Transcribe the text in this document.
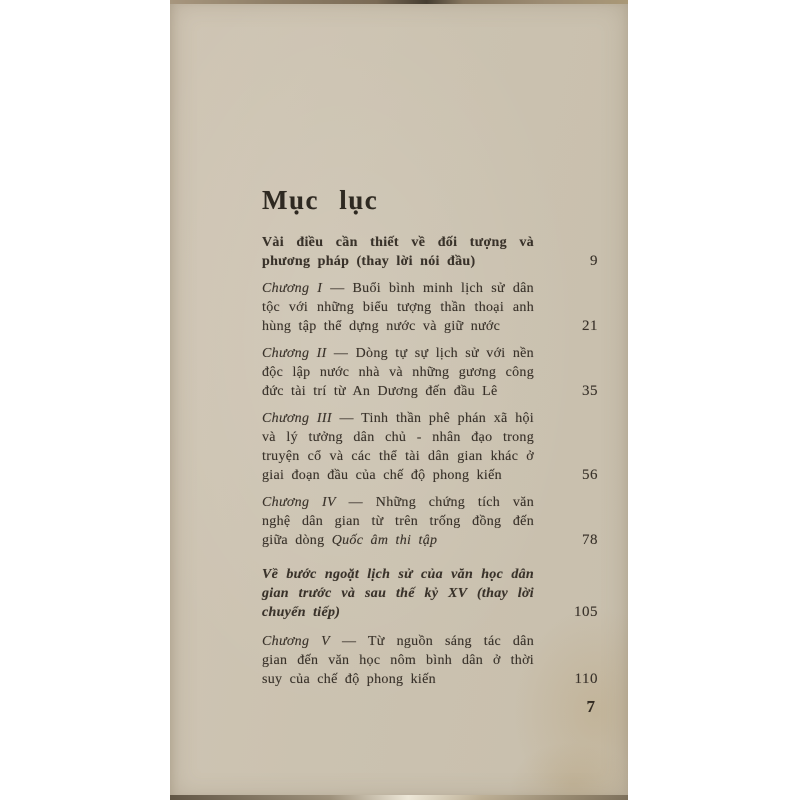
Mục lục
Vài điều cần thiết về đối tượng và phương pháp (thay lời nói đầu)	9
Chương I — Buổi bình minh lịch sử dân tộc với những biểu tượng thần thoại anh hùng tập thể dựng nước và giữ nước	21
Chương II — Dòng tự sự lịch sử với nền độc lập nước nhà và những gương công đức tài trí từ An Dương đến đầu Lê	35
Chương III — Tinh thần phê phán xã hội và lý tưởng dân chủ - nhân đạo trong truyện cổ và các thể tài dân gian khác ở giai đoạn đầu của chế độ phong kiến	56
Chương IV — Những chứng tích văn nghệ dân gian từ trên trống đồng đến giữa dòng Quốc âm thi tập	78
Về bước ngoặt lịch sử của văn học dân gian trước và sau thế kỷ XV (thay lời chuyển tiếp)	105
Chương V — Từ nguồn sáng tác dân gian đến văn học nôm bình dân ở thời suy của chế độ phong kiến	110
7
